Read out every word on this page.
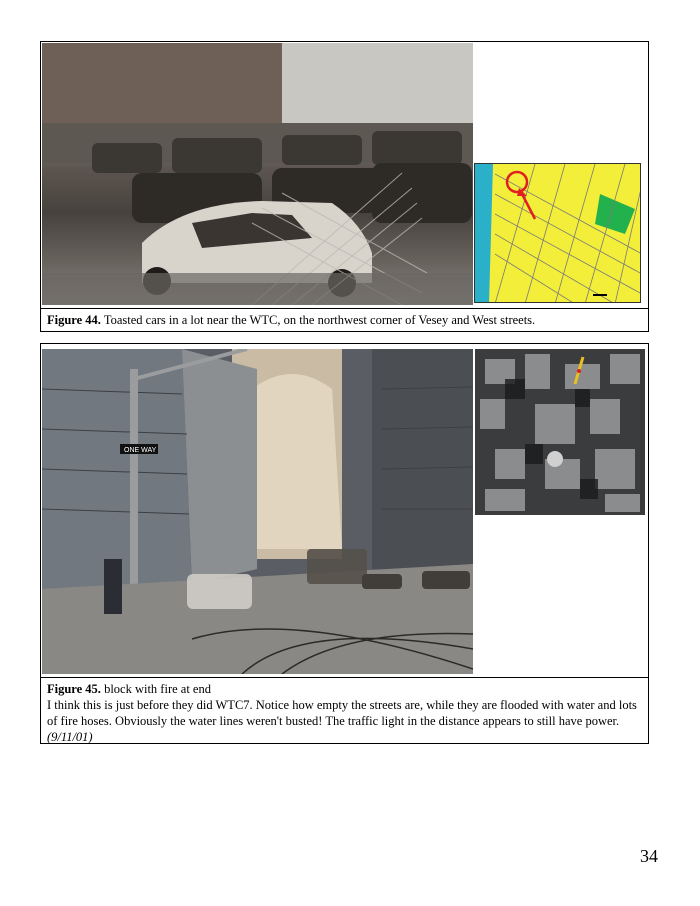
Figure 44. Toasted cars in a lot near the WTC, on the northwest corner of Vesey and West streets.
ONE WAY
Figure 45. block with fire at end
I think this is just before they did WTC7. Notice how empty the streets are, while they are flooded with water and lots of fire hoses. Obviously the water lines weren't busted! The traffic light in the distance appears to still have power. (9/11/01)
34
